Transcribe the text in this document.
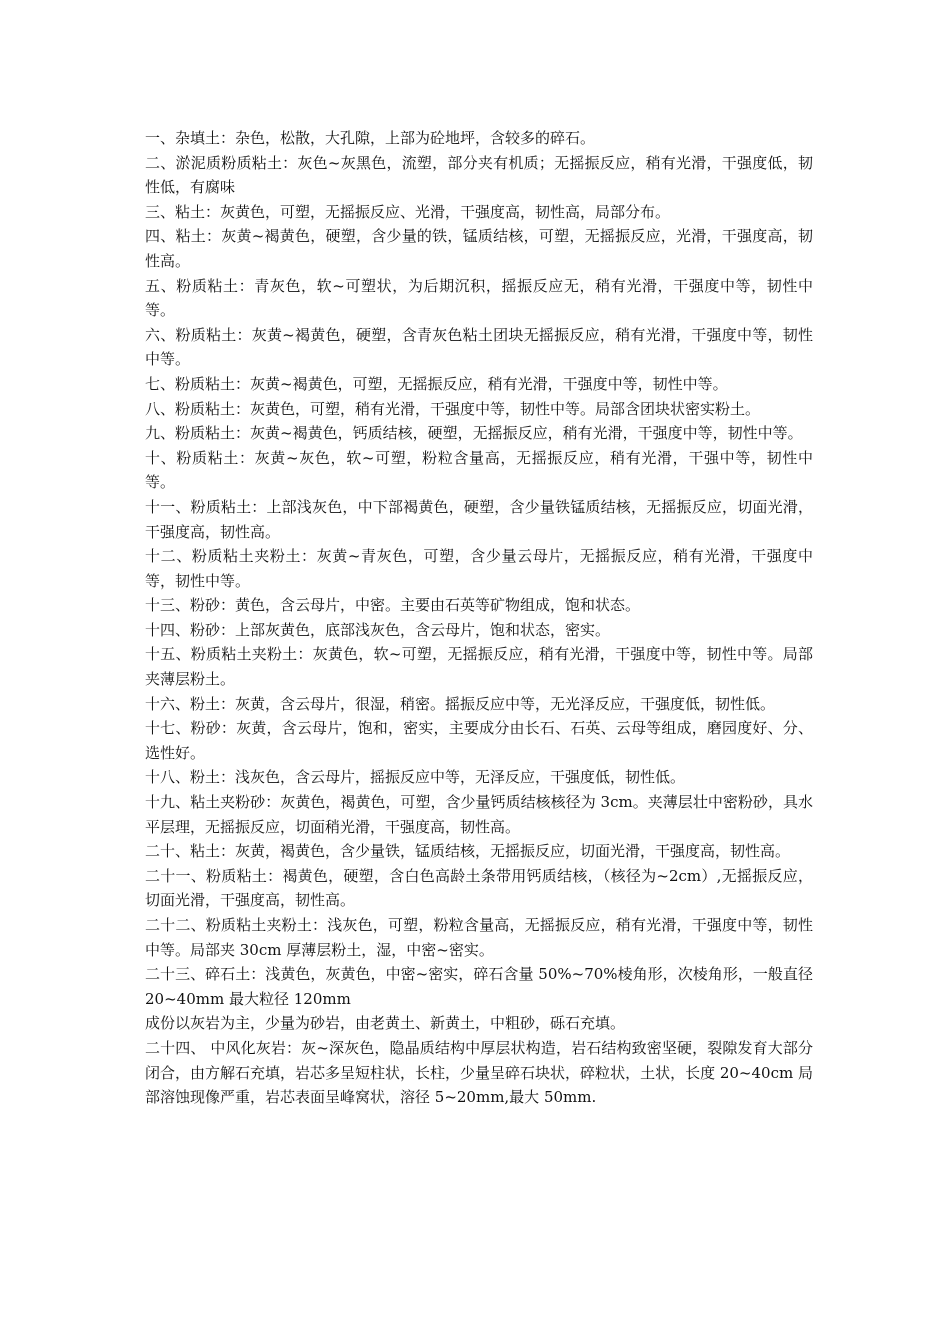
一、杂填土：杂色，松散，大孔隙，上部为砼地坪，含较多的碎石。

二、淤泥质粉质粘土：灰色~灰黑色，流塑，部分夹有机质；无摇振反应，稍有光滑，干强度低，韧性低，有腐味

三、粘土：灰黄色，可塑，无摇振反应、光滑，干强度高，韧性高，局部分布。

四、粘土：灰黄~褐黄色，硬塑，含少量的铁，锰质结核，可塑，无摇振反应，光滑，干强度高，韧性高。

五、粉质粘土：青灰色，软~可塑状，为后期沉积，摇振反应无，稍有光滑，干强度中等，韧性中等。

六、粉质粘土：灰黄~褐黄色，硬塑，含青灰色粘土团块无摇振反应，稍有光滑，干强度中等，韧性中等。

七、粉质粘土：灰黄~褐黄色，可塑，无摇振反应，稍有光滑，干强度中等，韧性中等。

八、粉质粘土：灰黄色，可塑，稍有光滑，干强度中等，韧性中等。局部含团块状密实粉土。

九、粉质粘土：灰黄~褐黄色，钙质结核，硬塑，无摇振反应，稍有光滑，干强度中等，韧性中等。

十、粉质粘土：灰黄~灰色，软~可塑，粉粒含量高，无摇振反应，稍有光滑，干强中等，韧性中等。

十一、粉质粘土：上部浅灰色，中下部褐黄色，硬塑，含少量铁锰质结核，无摇振反应，切面光滑，干强度高，韧性高。

十二、粉质粘土夹粉土：灰黄~青灰色，可塑，含少量云母片，无摇振反应，稍有光滑，干强度中等，韧性中等。

十三、粉砂：黄色，含云母片，中密。主要由石英等矿物组成，饱和状态。

十四、粉砂：上部灰黄色，底部浅灰色，含云母片，饱和状态，密实。

十五、粉质粘土夹粉土：灰黄色，软~可塑，无摇振反应，稍有光滑，干强度中等，韧性中等。局部夹薄层粉土。

十六、粉土：灰黄，含云母片，很湿，稍密。摇振反应中等，无光泽反应，干强度低，韧性低。

十七、粉砂：灰黄，含云母片，饱和，密实，主要成分由长石、石英、云母等组成，磨园度好、分、选性好。

十八、粉土：浅灰色，含云母片，摇振反应中等，无泽反应，干强度低，韧性低。

十九、粘土夹粉砂：灰黄色，褐黄色，可塑，含少量钙质结核核径为 3cm。夹薄层壮中密粉砂，具水平层理，无摇振反应，切面稍光滑，干强度高，韧性高。

二十、粘土：灰黄，褐黄色，含少量铁，锰质结核，无摇振反应，切面光滑，干强度高，韧性高。

二十一、粉质粘土：褐黄色，硬塑，含白色高龄土条带用钙质结核，（核径为~2cm）,无摇振反应，切面光滑，干强度高，韧性高。

二十二、粉质粘土夹粉土：浅灰色，可塑，粉粒含量高，无摇振反应，稍有光滑，干强度中等，韧性中等。局部夹 30cm 厚薄层粉土，湿，中密~密实。

二十三、碎石土：浅黄色，灰黄色，中密~密实，碎石含量 50%~70%棱角形，次棱角形，一般直径 20~40mm 最大粒径 120mm

成份以灰岩为主，少量为砂岩，由老黄土、新黄土，中粗砂，砾石充填。

二十四、 中风化灰岩：灰~深灰色，隐晶质结构中厚层状构造，岩石结构致密坚硬，裂隙发育大部分闭合，由方解石充填，岩芯多呈短柱状，长柱，少量呈碎石块状，碎粒状，土状，长度 20~40cm 局部溶蚀现像严重，岩芯表面呈峰窝状，溶径 5~20mm,最大 50mm.
